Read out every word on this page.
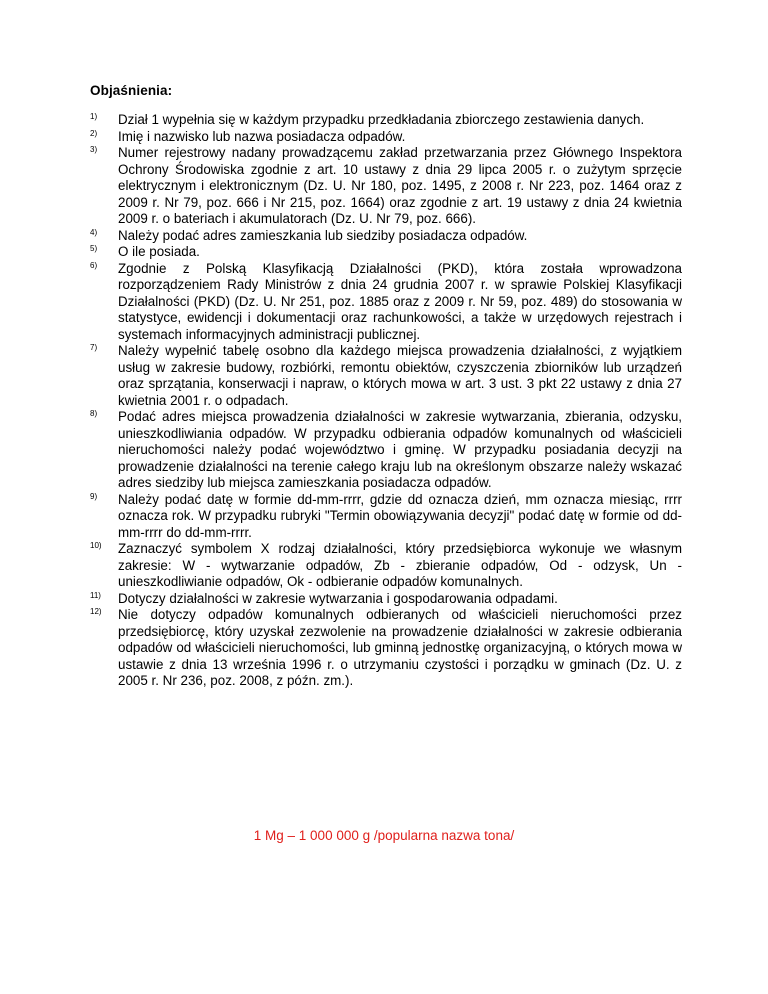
Objaśnienia:
1) Dział 1 wypełnia się w każdym przypadku przedkładania zbiorczego zestawienia danych.
2) Imię i nazwisko lub nazwa posiadacza odpadów.
3) Numer rejestrowy nadany prowadzącemu zakład przetwarzania przez Głównego Inspektora Ochrony Środowiska zgodnie z art. 10 ustawy z dnia 29 lipca 2005 r. o zużytym sprzęcie elektrycznym i elektronicznym (Dz. U. Nr 180, poz. 1495, z 2008 r. Nr 223, poz. 1464 oraz z 2009 r. Nr 79, poz. 666 i Nr 215, poz. 1664) oraz zgodnie z art. 19 ustawy z dnia 24 kwietnia 2009 r. o bateriach i akumulatorach (Dz. U. Nr 79, poz. 666).
4) Należy podać adres zamieszkania lub siedziby posiadacza odpadów.
5) O ile posiada.
6) Zgodnie z Polską Klasyfikacją Działalności (PKD), która została wprowadzona rozporządzeniem Rady Ministrów z dnia 24 grudnia 2007 r. w sprawie Polskiej Klasyfikacji Działalności (PKD) (Dz. U. Nr 251, poz. 1885 oraz z 2009 r. Nr 59, poz. 489) do stosowania w statystyce, ewidencji i dokumentacji oraz rachunkowości, a także w urzędowych rejestrach i systemach informacyjnych administracji publicznej.
7) Należy wypełnić tabelę osobno dla każdego miejsca prowadzenia działalności, z wyjątkiem usług w zakresie budowy, rozbiórki, remontu obiektów, czyszczenia zbiorników lub urządzeń oraz sprzątania, konserwacji i napraw, o których mowa w art. 3 ust. 3 pkt 22 ustawy z dnia 27 kwietnia 2001 r. o odpadach.
8) Podać adres miejsca prowadzenia działalności w zakresie wytwarzania, zbierania, odzysku, unieszkodliwiania odpadów. W przypadku odbierania odpadów komunalnych od właścicieli nieruchomości należy podać województwo i gminę. W przypadku posiadania decyzji na prowadzenie działalności na terenie całego kraju lub na określonym obszarze należy wskazać adres siedziby lub miejsca zamieszkania posiadacza odpadów.
9) Należy podać datę w formie dd-mm-rrrr, gdzie dd oznacza dzień, mm oznacza miesiąc, rrrr oznacza rok. W przypadku rubryki "Termin obowiązywania decyzji" podać datę w formie od dd-mm-rrrr do dd-mm-rrrr.
10) Zaznaczyć symbolem X rodzaj działalności, który przedsiębiorca wykonuje we własnym zakresie: W - wytwarzanie odpadów, Zb - zbieranie odpadów, Od - odzysk, Un - unieszkodliwianie odpadów, Ok - odbieranie odpadów komunalnych.
11) Dotyczy działalności w zakresie wytwarzania i gospodarowania odpadami.
12) Nie dotyczy odpadów komunalnych odbieranych od właścicieli nieruchomości przez przedsiębiorcę, który uzyskał zezwolenie na prowadzenie działalności w zakresie odbierania odpadów od właścicieli nieruchomości, lub gminną jednostkę organizacyjną, o których mowa w ustawie z dnia 13 września 1996 r. o utrzymaniu czystości i porządku w gminach (Dz. U. z 2005 r. Nr 236, poz. 2008, z późn. zm.).
1 Mg – 1 000 000 g /popularna nazwa tona/
